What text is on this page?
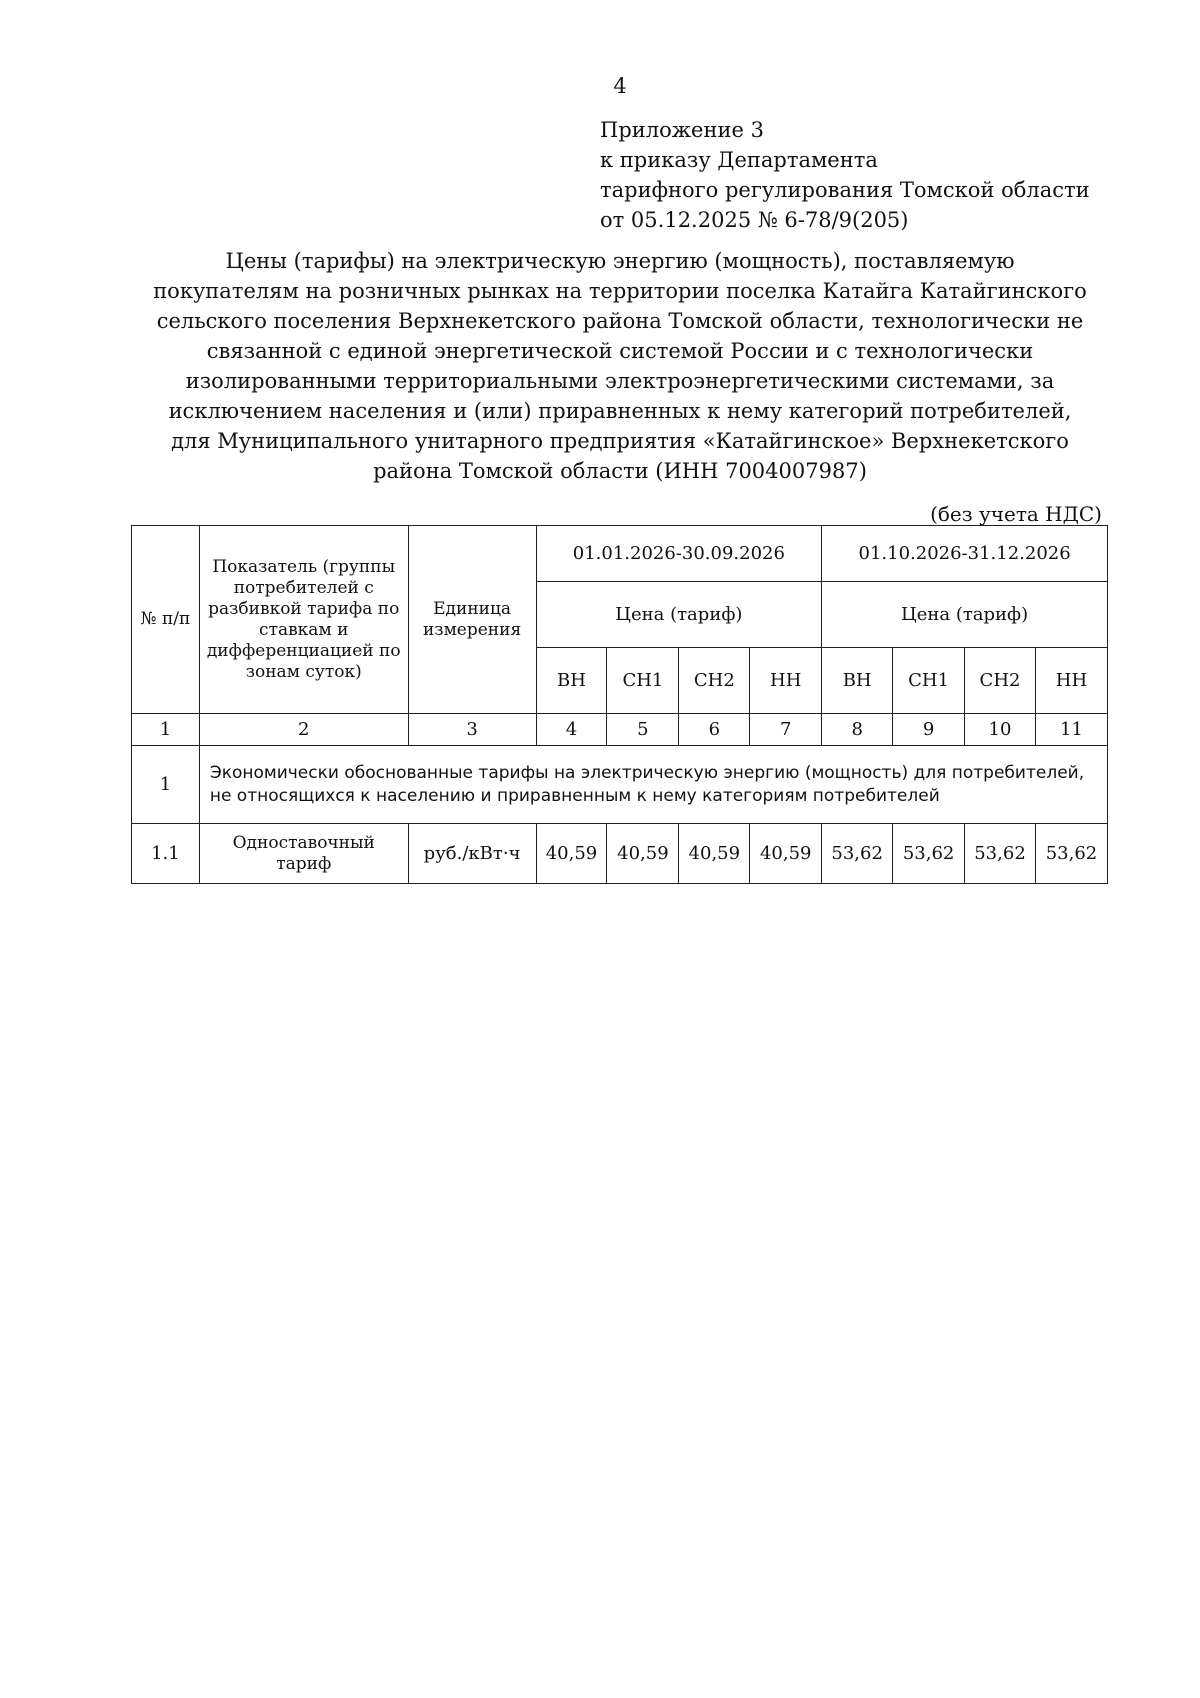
4
Приложение 3
к приказу Департамента
тарифного регулирования Томской области
от 05.12.2025 № 6-78/9(205)
Цены (тарифы) на электрическую энергию (мощность), поставляемую
покупателям на розничных рынках на территории поселка Катайга Катайгинского
сельского поселения Верхнекетского района Томской области, технологически не
связанной с единой энергетической системой России и с технологически
изолированными территориальными электроэнергетическими системами, за
исключением населения и (или) приравненных к нему категорий потребителей,
для Муниципального унитарного предприятия «Катайгинское» Верхнекетского
района Томской области (ИНН 7004007987)
(без учета НДС)
№ п/п	Показатель (группы потребителей с разбивкой тарифа по ставкам и дифференциацией по зонам суток)	Единица измерения	01.01.2026-30.09.2026				01.10.2026-31.12.2026			
			Цена (тариф)				Цена (тариф)			
			ВН	СН1	СН2	НН	ВН	СН1	СН2	НН
1	2	3	4	5	6	7	8	9	10	11
1	Экономически обоснованные тарифы на электрическую энергию (мощность) для потребителей, не относящихся к населению и приравненным к нему категориям потребителей									
1.1	Одноставочный тариф	руб./кВт·ч	40,59	40,59	40,59	40,59	53,62	53,62	53,62	53,62
